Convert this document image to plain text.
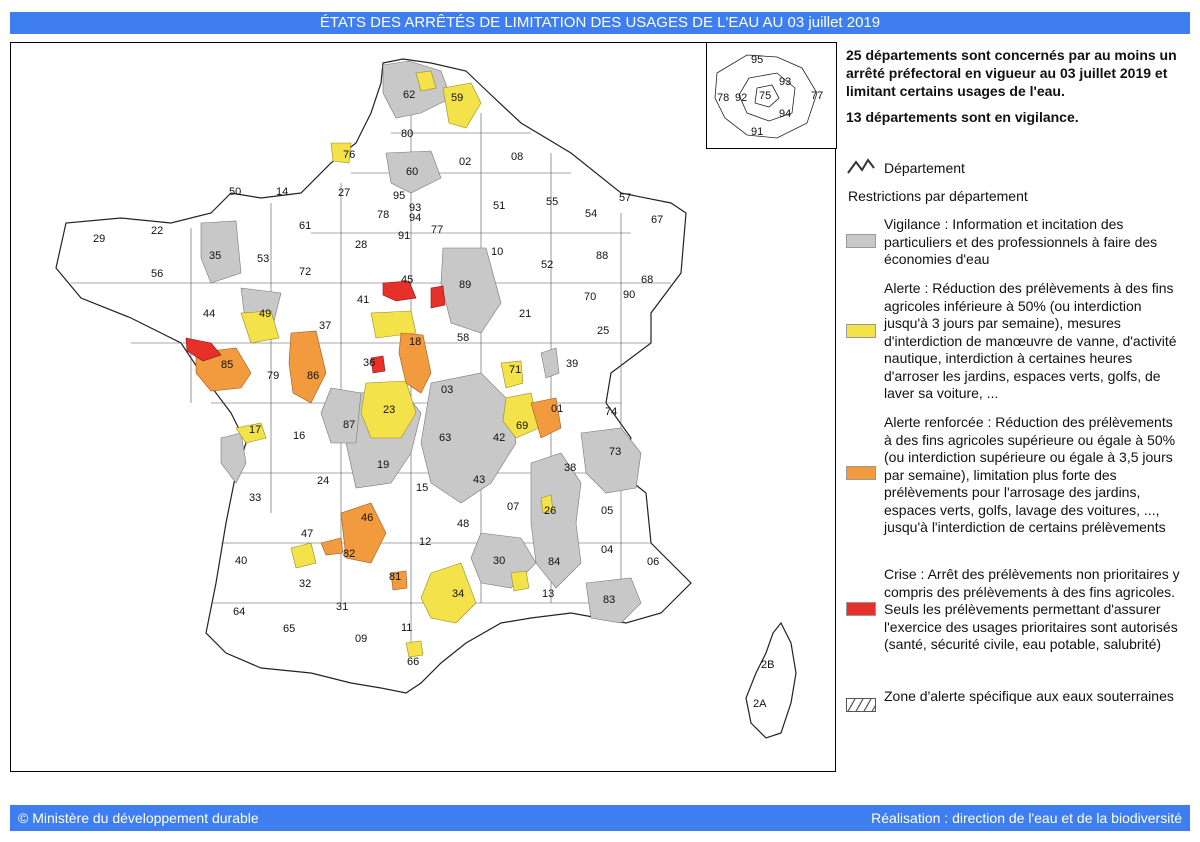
ÉTATS DES ARRÊTÉS DE LIMITATION DES USAGES DE L'EAU AU 03 juillet 2019
62	59
80
76
60
02	08
50	14	27	95
93
94
78
91 77
51	55
54
57
67
29
22
35
61
28
10
52
88
68
56
53
72
45	89
70 90
41
44	49
37
21
25
18	58
85	36
86
79	71	39
03
23	01	74
87	69
17	16	63	42
73
38
19
24
15
43
33
26	05
46
07
48
47
12
82
40	84
04
06
30
81
32
34	13	83
64	31
65
09
11
66	2B
2A
95
93
78 92 75	77
94
91

25 départements sont concernés par au moins un arrêté préfectoral en vigueur au 03 juillet 2019 et limitant certains usages de l'eau.

13 départements sont en vigilance.

Département
Restrictions par département
Vigilance : Information et incitation des particuliers et des professionnels à faire des économies d'eau
Alerte : Réduction des prélèvements à des fins agricoles inférieure à 50% (ou interdiction jusqu'à 3 jours par semaine), mesures d'interdiction de manœuvre de vanne, d'activité nautique, interdiction à certaines heures d'arroser les jardins, espaces verts, golfs, de laver sa voiture, ...
Alerte renforcée : Réduction des prélèvements à des fins agricoles supérieure ou égale à 50% (ou interdiction supérieure ou égale à 3,5 jours par semaine), limitation plus forte des prélèvements pour l'arrosage des jardins, espaces verts, golfs, lavage des voitures, ..., jusqu'à l'interdiction de certains prélèvements
Crise : Arrêt des prélèvements non prioritaires y compris des prélèvements à des fins agricoles. Seuls les prélèvements permettant d'assurer l'exercice des usages prioritaires sont autorisés (santé, sécurité civile, eau potable, salubrité)
Zone d'alerte spécifique aux eaux souterraines
© Ministère du développement durable	Réalisation : direction de l'eau et de la biodiversité
